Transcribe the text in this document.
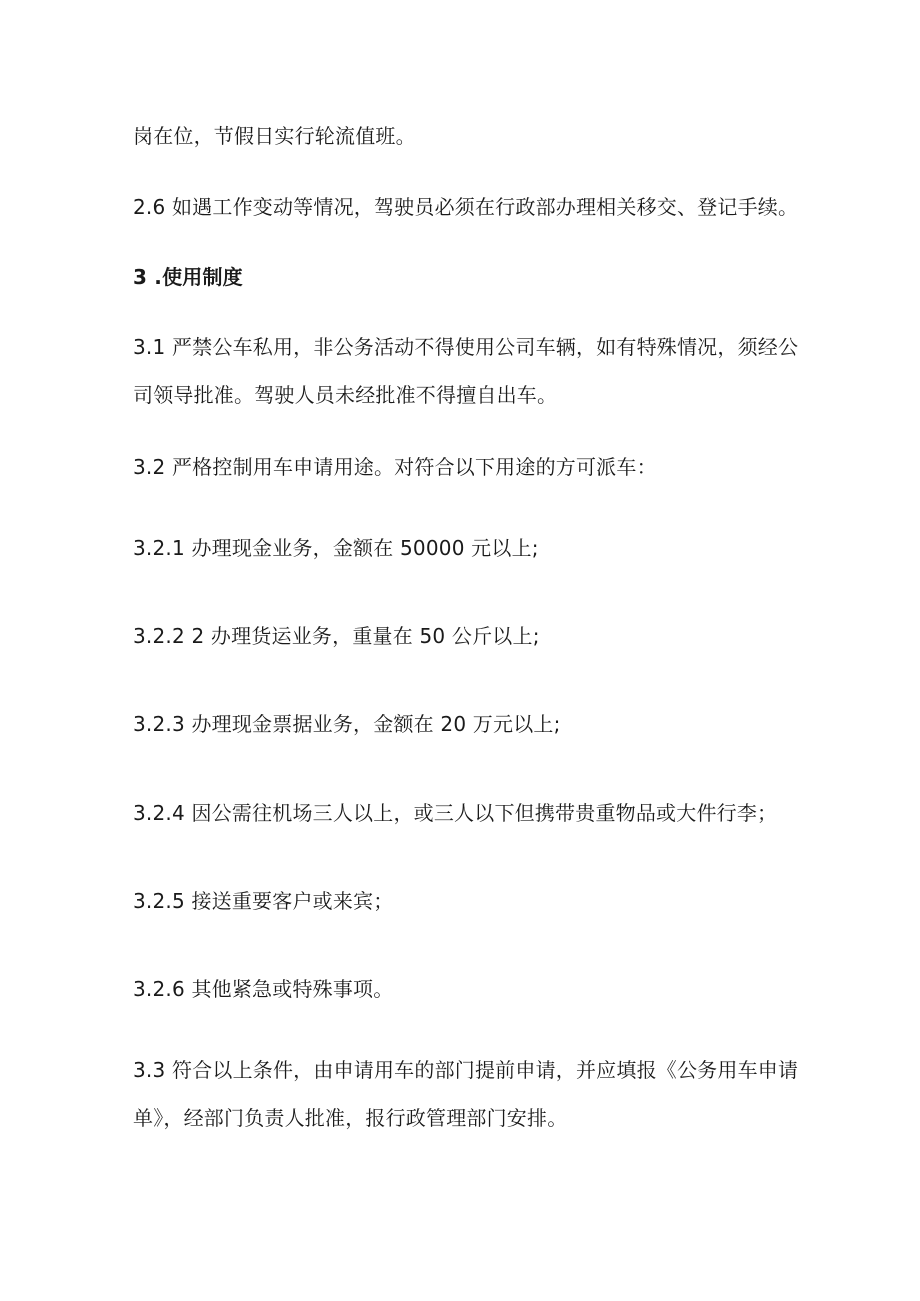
岗在位，节假日实行轮流值班。
2.6 如遇工作变动等情况，驾驶员必须在行政部办理相关移交、登记手续。
3 .使用制度
3.1 严禁公车私用，非公务活动不得使用公司车辆，如有特殊情况，须经公
司领导批准。驾驶人员未经批准不得擅自出车。
3.2 严格控制用车申请用途。对符合以下用途的方可派车：
3.2.1 办理现金业务，金额在 50000 元以上;
3.2.2 2 办理货运业务，重量在 50 公斤以上;
3.2.3 办理现金票据业务，金额在 20 万元以上;
3.2.4 因公需往机场三人以上，或三人以下但携带贵重物品或大件行李；
3.2.5 接送重要客户或来宾；
3.2.6 其他紧急或特殊事项。
3.3 符合以上条件，由申请用车的部门提前申请，并应填报《公务用车申请
单》，经部门负责人批准，报行政管理部门安排。
